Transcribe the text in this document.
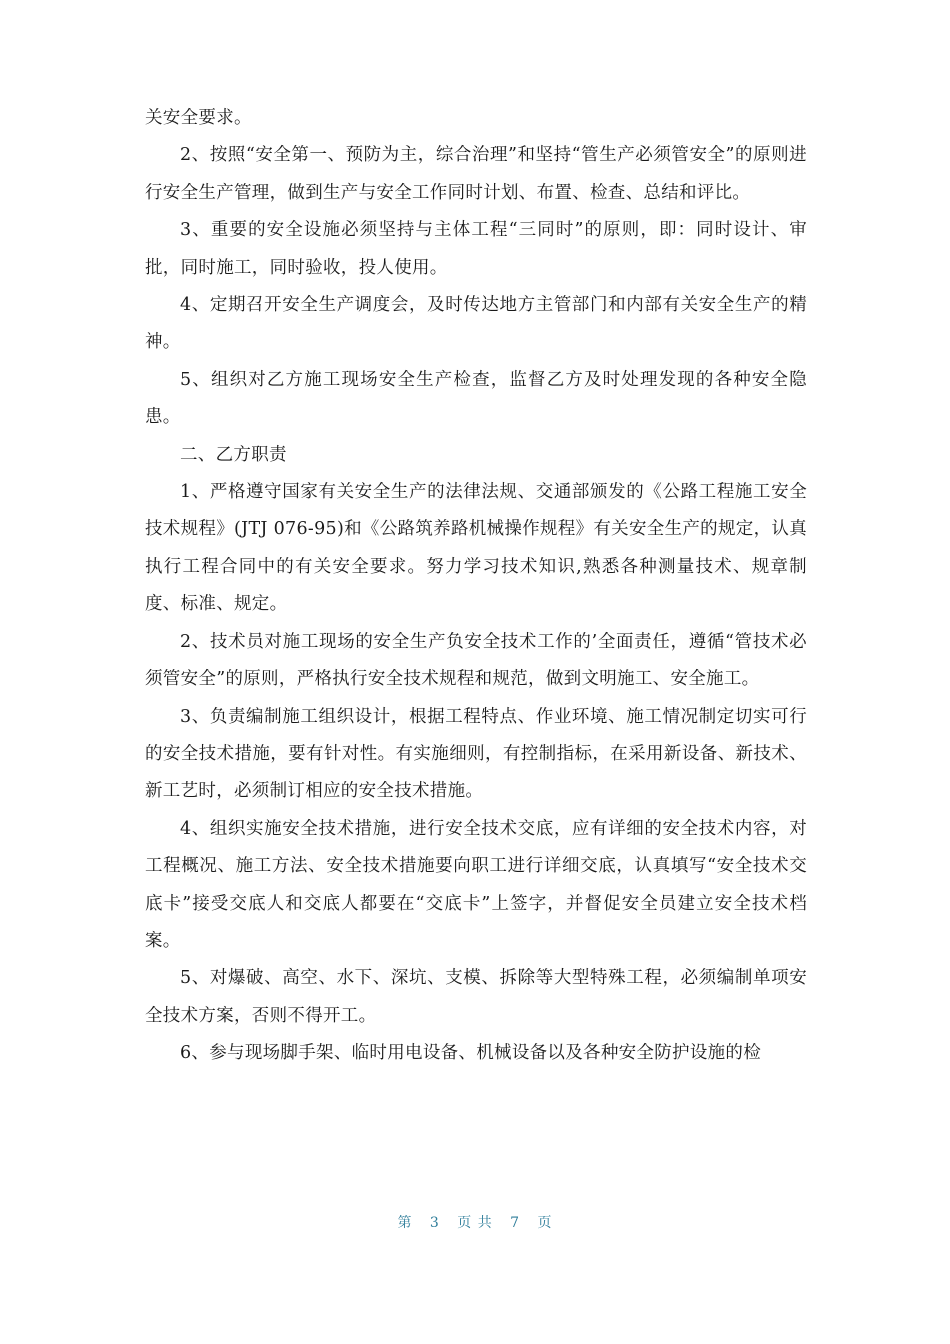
关安全要求。

2、按照“安全第一、预防为主，综合治理”和坚持“管生产必须管安全”的原则进行安全生产管理，做到生产与安全工作同时计划、布置、检查、总结和评比。

3、重要的安全设施必须坚持与主体工程“三同时”的原则，即：同时设计、审批，同时施工，同时验收，投人使用。

4、定期召开安全生产调度会，及时传达地方主管部门和内部有关安全生产的精神。

5、组织对乙方施工现场安全生产检查，监督乙方及时处理发现的各种安全隐患。

二、乙方职责

1、严格遵守国家有关安全生产的法律法规、交通部颁发的《公路工程施工安全技术规程》(JTJ 076-95)和《公路筑养路机械操作规程》有关安全生产的规定，认真执行工程合同中的有关安全要求。努力学习技术知识,熟悉各种测量技术、规章制度、标准、规定。

2、技术员对施工现场的安全生产负安全技术工作的’全面责任，遵循“管技术必须管安全”的原则，严格执行安全技术规程和规范，做到文明施工、安全施工。

3、负责编制施工组织设计，根据工程特点、作业环境、施工情况制定切实可行的安全技术措施，要有针对性。有实施细则，有控制指标，在采用新设备、新技术、新工艺时，必须制订相应的安全技术措施。

4、组织实施安全技术措施，进行安全技术交底，应有详细的安全技术内容，对工程概况、施工方法、安全技术措施要向职工进行详细交底，认真填写“安全技术交底卡”接受交底人和交底人都要在“交底卡”上签字，并督促安全员建立安全技术档案。

5、对爆破、高空、水下、深坑、支模、拆除等大型特殊工程，必须编制单项安全技术方案，否则不得开工。

6、参与现场脚手架、临时用电设备、机械设备以及各种安全防护设施的检

第 3 页 共 7 页
